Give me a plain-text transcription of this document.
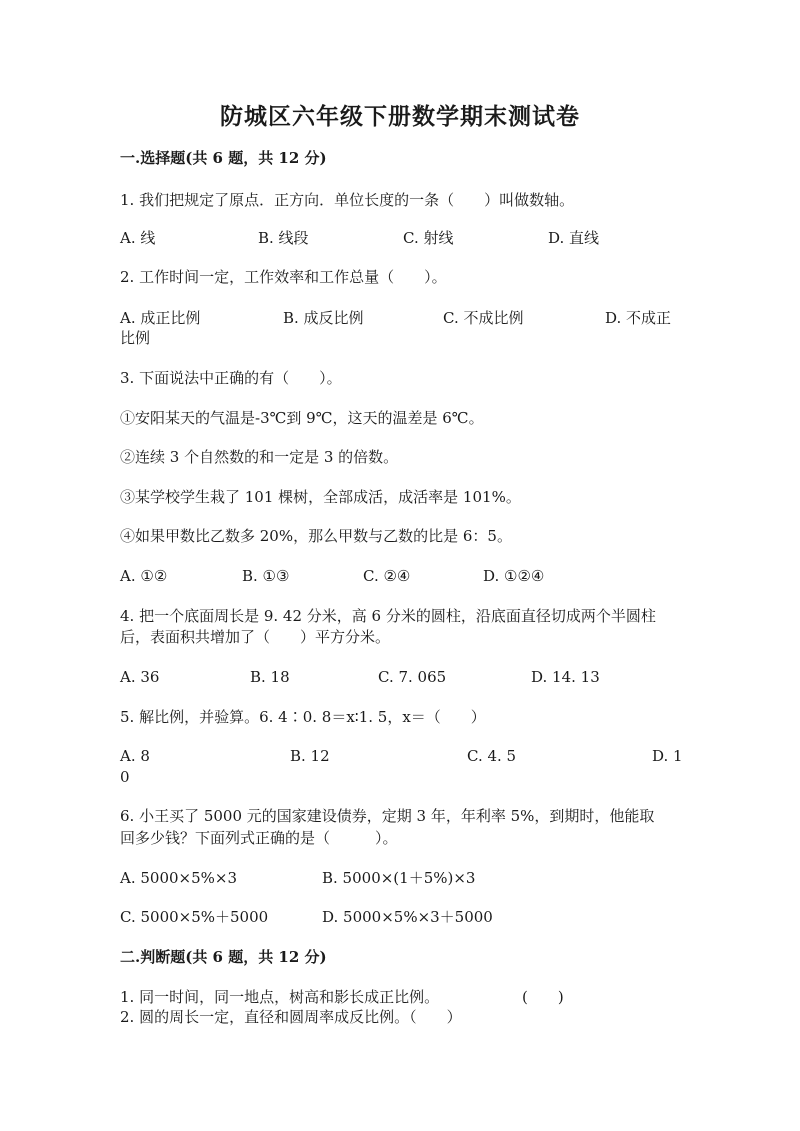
防城区六年级下册数学期末测试卷
一.选择题(共 6 题，共 12 分)
1. 我们把规定了原点．正方向．单位长度的一条（　　）叫做数轴。
A. 线	B. 线段	C. 射线	D. 直线
2. 工作时间一定，工作效率和工作总量（　　）。
A. 成正比例	B. 成反比例	C. 不成比例	D. 不成正
比例
3. 下面说法中正确的有（　　）。
①安阳某天的气温是-3℃到 9℃，这天的温差是 6℃。
②连续 3 个自然数的和一定是 3 的倍数。
③某学校学生栽了 101 棵树，全部成活，成活率是 101%。
④如果甲数比乙数多 20%，那么甲数与乙数的比是 6：5。
A. ①②	B. ①③	C. ②④	D. ①②④
4. 把一个底面周长是 9. 42 分米，高 6 分米的圆柱，沿底面直径切成两个半圆柱
后，表面积共增加了（　　）平方分米。
A. 36	B. 18	C. 7. 065	D. 14. 13
5. 解比例，并验算。6. 4∶0. 8＝x∶1. 5，x＝（　　）
A. 8	B. 12	C. 4. 5	D. 1
0
6. 小王买了 5000 元的国家建设债券，定期 3 年，年利率 5%，到期时，他能取
回多少钱？下面列式正确的是（　　　）。
A. 5000×5%×3	B. 5000×(1＋5%)×3
C. 5000×5%＋5000	D. 5000×5%×3＋5000
二.判断题(共 6 题，共 12 分)
1. 同一时间，同一地点，树高和影长成正比例。	(　　)
2. 圆的周长一定，直径和圆周率成反比例。（　　）
